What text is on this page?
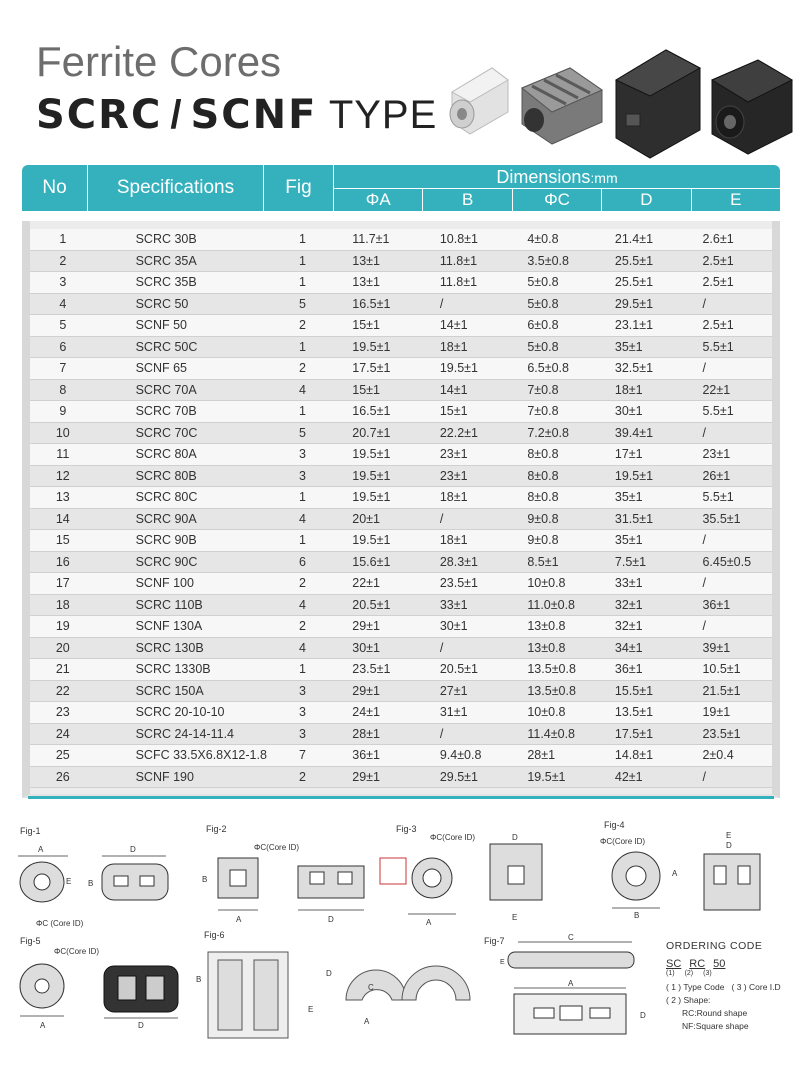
Ferrite Cores
SCRC / SCNF TYPE
No	Specifications	Fig	Dimensions:mm
ΦA	B	ΦC	D	E
1	SCRC 30B	1	11.7±1	10.8±1	4±0.8	21.4±1	2.6±1
2	SCRC 35A	1	13±1	11.8±1	3.5±0.8	25.5±1	2.5±1
3	SCRC 35B	1	13±1	11.8±1	5±0.8	25.5±1	2.5±1
4	SCRC 50	5	16.5±1	/	5±0.8	29.5±1	/
5	SCNF 50	2	15±1	14±1	6±0.8	23.1±1	2.5±1
6	SCRC 50C	1	19.5±1	18±1	5±0.8	35±1	5.5±1
7	SCNF 65	2	17.5±1	19.5±1	6.5±0.8	32.5±1	/
8	SCRC 70A	4	15±1	14±1	7±0.8	18±1	22±1
9	SCRC 70B	1	16.5±1	15±1	7±0.8	30±1	5.5±1
10	SCRC 70C	5	20.7±1	22.2±1	7.2±0.8	39.4±1	/
11	SCRC 80A	3	19.5±1	23±1	8±0.8	17±1	23±1
12	SCRC 80B	3	19.5±1	23±1	8±0.8	19.5±1	26±1
13	SCRC 80C	1	19.5±1	18±1	8±0.8	35±1	5.5±1
14	SCRC 90A	4	20±1	/	9±0.8	31.5±1	35.5±1
15	SCRC 90B	1	19.5±1	18±1	9±0.8	35±1	/
16	SCRC 90C	6	15.6±1	28.3±1	8.5±1	7.5±1	6.45±0.5
17	SCNF 100	2	22±1	23.5±1	10±0.8	33±1	/
18	SCRC 110B	4	20.5±1	33±1	11.0±0.8	32±1	36±1
19	SCNF 130A	2	29±1	30±1	13±0.8	32±1	/
20	SCRC 130B	4	30±1	/	13±0.8	34±1	39±1
21	SCRC 1330B	1	23.5±1	20.5±1	13.5±0.8	36±1	10.5±1
22	SCRC 150A	3	29±1	27±1	13.5±0.8	15.5±1	21.5±1
23	SCRC 20-10-10	3	24±1	31±1	10±0.8	13.5±1	19±1
24	SCRC 24-14-11.4	3	28±1	/	11.4±0.8	17.5±1	23.5±1
25	SCFC 33.5X6.8X12-1.8	7	36±1	9.4±0.8	28±1	14.8±1	2±0.4
26	SCNF 190	2	29±1	29.5±1	19.5±1	42±1	/
Fig-1
A
E
ΦC (Core ID)
D
B
Fig-2
ΦC(Core ID)
B
A	D
Fig-3
ΦC(Core ID)
A
D
E
Fig-4
ΦC(Core ID)
B
A
E
D
Fig-5
ΦC(Core ID)
A	D
Fig-6
B
E
D
C
A
Fig-7	C
E
A
D
ORDERING CODE
SC RC 50
(1) (2) (3)
( 1 ) Type Code ( 3 ) Core I.D
( 2 ) Shape:
RC:Round shape
NF:Square shape
